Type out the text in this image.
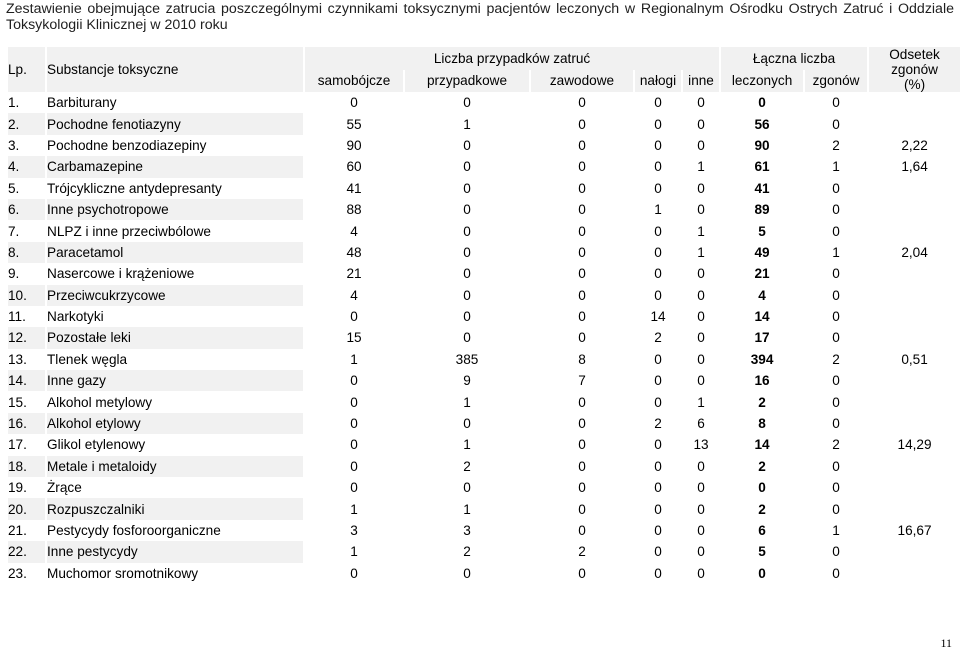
Zestawienie obejmujące zatrucia poszczególnymi czynnikami toksycznymi pacjentów leczonych w Regionalnym Ośrodku Ostrych Zatruć i Oddziale Toksykologii Klinicznej w 2010 roku
Lp.	Substancje toksyczne	Liczba przypadków zatruć					Łączna liczba		Odsetek
zgonów
(%)

		samobójcze	przypadkowe	zawodowe	nałogi	inne	leczonych	zgonów	
1.	Barbiturany	0	0	0	0	0	0	0	
2.	Pochodne fenotiazyny	55	1	0	0	0	56	0	
3.	Pochodne benzodiazepiny	90	0	0	0	0	90	2	2,22
4.	Carbamazepine	60	0	0	0	1	61	1	1,64
5.	Trójcykliczne antydepresanty	41	0	0	0	0	41	0	
6.	Inne psychotropowe	88	0	0	1	0	89	0	
7.	NLPZ i inne przeciwbólowe	4	0	0	0	1	5	0	
8.	Paracetamol	48	0	0	0	1	49	1	2,04
9.	Nasercowe i krążeniowe	21	0	0	0	0	21	0	
10.	Przeciwcukrzycowe	4	0	0	0	0	4	0	
11.	Narkotyki	0	0	0	14	0	14	0	
12.	Pozostałe leki	15	0	0	2	0	17	0	
13.	Tlenek węgla	1	385	8	0	0	394	2	0,51
14.	Inne gazy	0	9	7	0	0	16	0	
15.	Alkohol metylowy	0	1	0	0	1	2	0	
16.	Alkohol etylowy	0	0	0	2	6	8	0	
17.	Glikol etylenowy	0	1	0	0	13	14	2	14,29
18.	Metale i metaloidy	0	2	0	0	0	2	0	
19.	Żrące	0	0	0	0	0	0	0	
20.	Rozpuszczalniki	1	1	0	0	0	2	0	
21.	Pestycydy fosforoorganiczne	3	3	0	0	0	6	1	16,67
22.	Inne pestycydy	1	2	2	0	0	5	0	
23.	Muchomor sromotnikowy	0	0	0	0	0	0	0	
11
